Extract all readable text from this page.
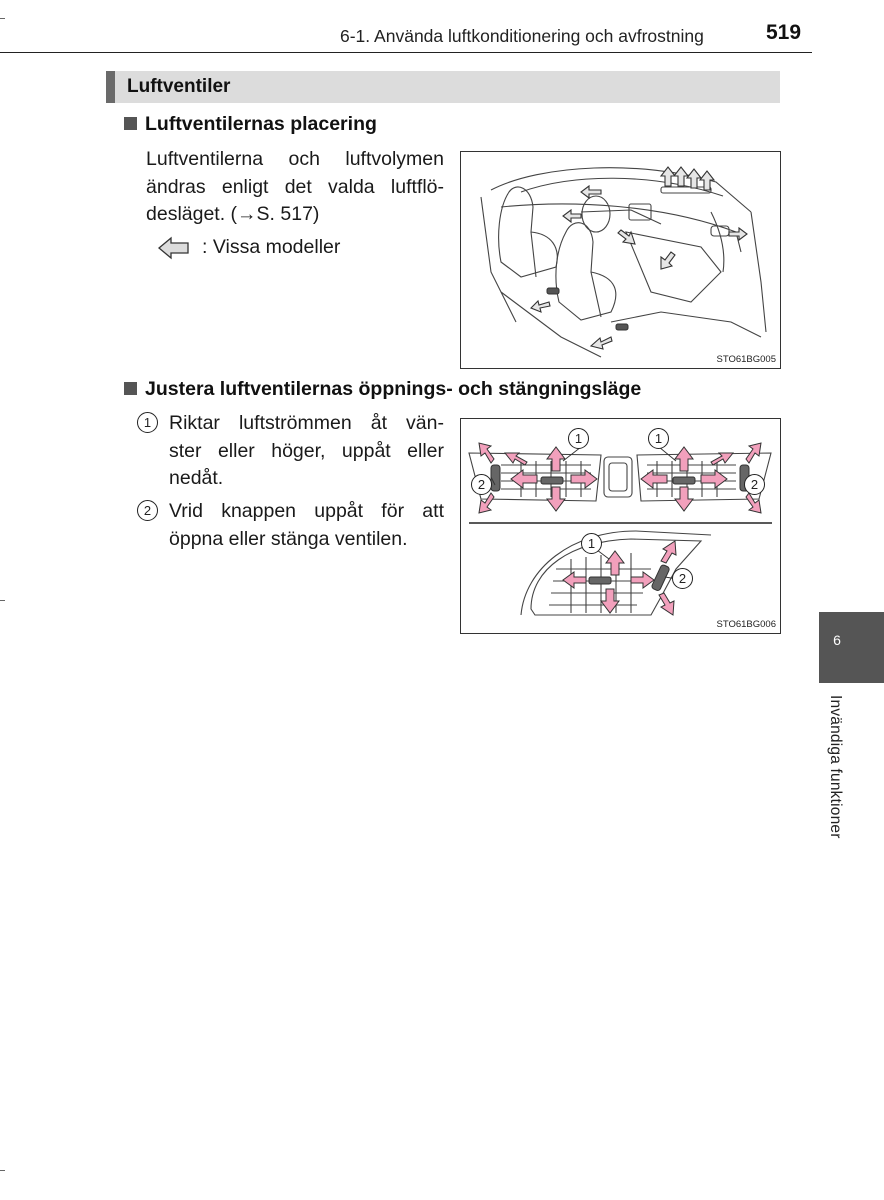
6-1. Använda luftkonditionering och avfrostning	519
Luftventiler
Luftventilernas placering
Luftventilerna och luftvolymen
ändras enligt det valda luftflö-
desläget. (→S. 517)
: Vissa modeller
STO61BG005
Justera luftventilernas öppnings- och stängningsläge
1 Riktar luftströmmen åt vän-
ster eller höger, uppåt eller
nedåt.
2 Vrid knappen uppåt för att
öppna eller stänga ventilen.
1	1
2	2
1
2
STO61BG006
6
Invändiga funktioner
